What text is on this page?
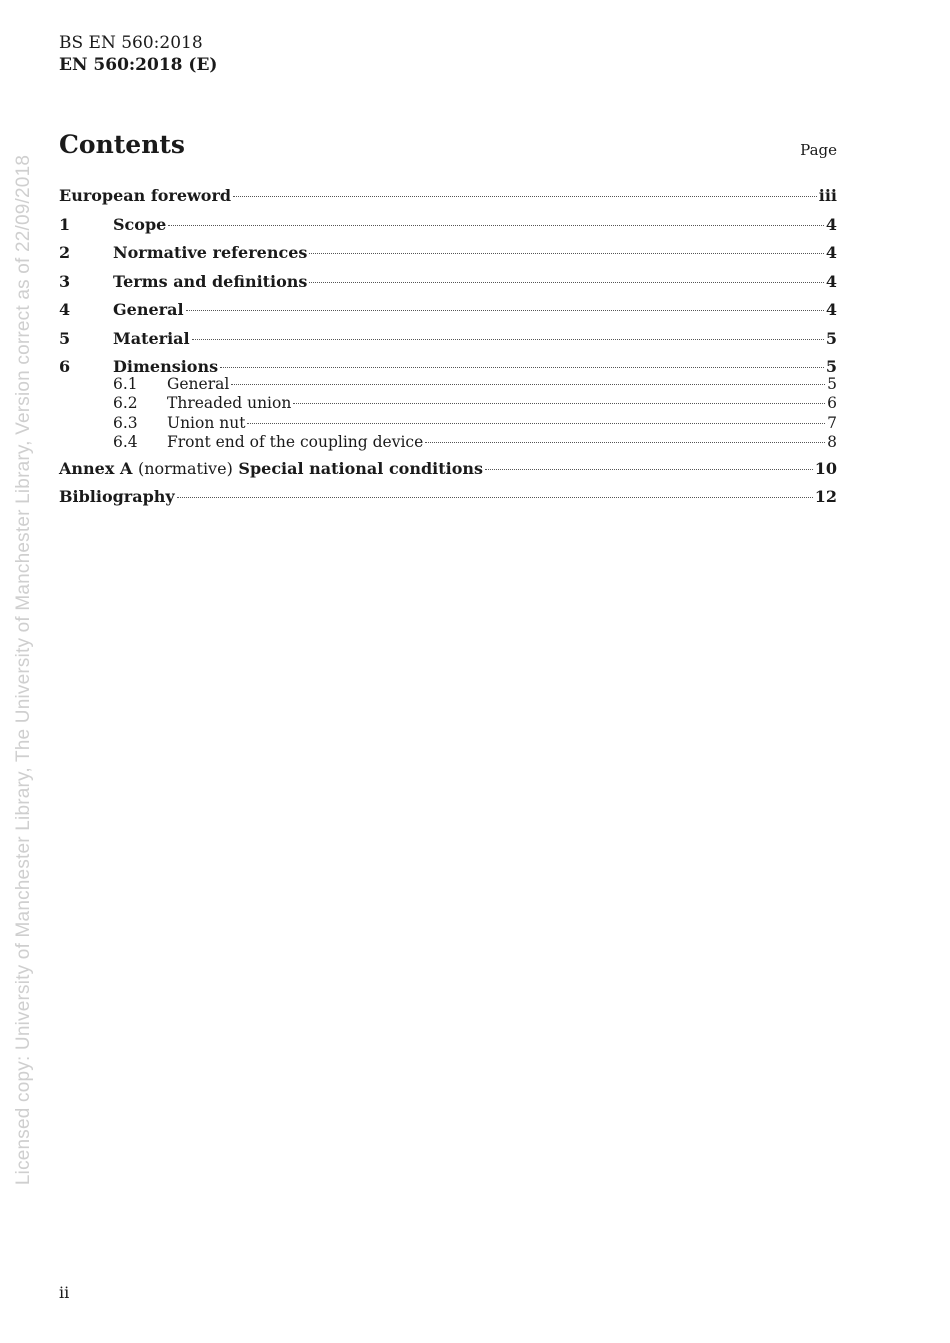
BS EN 560:2018
EN 560:2018 (E)
Licensed copy: University of Manchester Library, The University of Manchester Library, Version correct as of 22/09/2018
Contents	Page
European foreword	iii
1	Scope	4
2	Normative references	4
3	Terms and definitions	4
4	General	4
5	Material	5
6	Dimensions	5
6.1	General	5
6.2	Threaded union	6
6.3	Union nut	7
6.4	Front end of the coupling device	8
Annex A (normative) Special national conditions	10
Bibliography	12
ii
